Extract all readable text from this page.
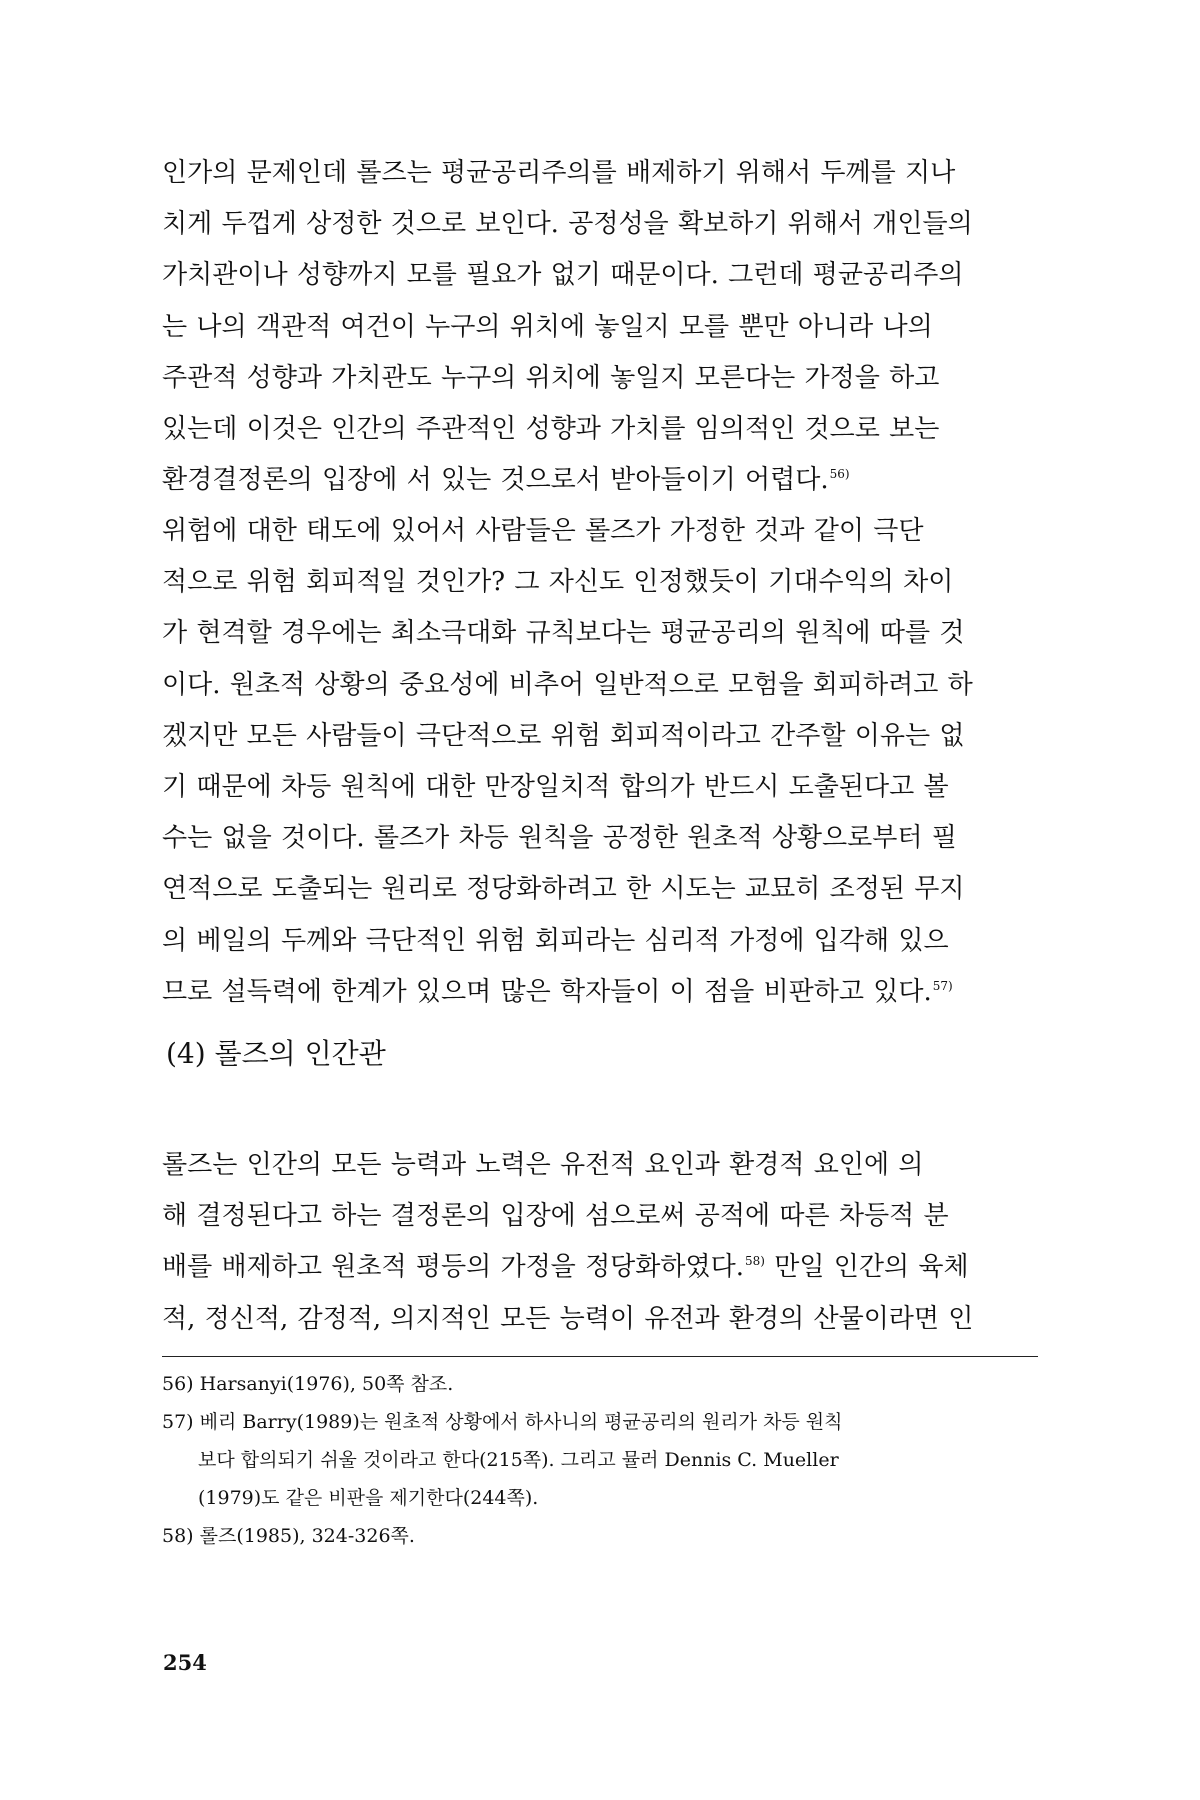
인가의 문제인데 롤즈는 평균공리주의를 배제하기 위해서 두께를 지나
치게 두껍게 상정한 것으로 보인다. 공정성을 확보하기 위해서 개인들의
가치관이나 성향까지 모를 필요가 없기 때문이다. 그런데 평균공리주의
는 나의 객관적 여건이 누구의 위치에 놓일지 모를 뿐만 아니라 나의
주관적 성향과 가치관도 누구의 위치에 놓일지 모른다는 가정을 하고
있는데 이것은 인간의 주관적인 성향과 가치를 임의적인 것으로 보는
환경결정론의 입장에 서 있는 것으로서 받아들이기 어렵다.$^{56)}$
위험에 대한 태도에 있어서 사람들은 롤즈가 가정한 것과 같이 극단
적으로 위험 회피적일 것인가? 그 자신도 인정했듯이 기대수익의 차이
가 현격할 경우에는 최소극대화 규칙보다는 평균공리의 원칙에 따를 것
이다. 원초적 상황의 중요성에 비추어 일반적으로 모험을 회피하려고 하
겠지만 모든 사람들이 극단적으로 위험 회피적이라고 간주할 이유는 없
기 때문에 차등 원칙에 대한 만장일치적 합의가 반드시 도출된다고 볼
수는 없을 것이다. 롤즈가 차등 원칙을 공정한 원초적 상황으로부터 필
연적으로 도출되는 원리로 정당화하려고 한 시도는 교묘히 조정된 무지
의 베일의 두께와 극단적인 위험 회피라는 심리적 가정에 입각해 있으
므로 설득력에 한계가 있으며 많은 학자들이 이 점을 비판하고 있다.$^{57)}$
(4) 롤즈의 인간관
롤즈는 인간의 모든 능력과 노력은 유전적 요인과 환경적 요인에 의
해 결정된다고 하는 결정론의 입장에 섬으로써 공적에 따른 차등적 분
배를 배제하고 원초적 평등의 가정을 정당화하였다.$^{58)}$ 만일 인간의 육체
적, 정신적, 감정적, 의지적인 모든 능력이 유전과 환경의 산물이라면 인
56) Harsanyi(1976), 50쪽 참조.
57) 베리 Barry(1989)는 원초적 상황에서 하사니의 평균공리의 원리가 차등 원칙
보다 합의되기 쉬울 것이라고 한다(215쪽). 그리고 뮬러 Dennis C. Mueller
(1979)도 같은 비판을 제기한다(244쪽).
58) 롤즈(1985), 324-326쪽.
254
